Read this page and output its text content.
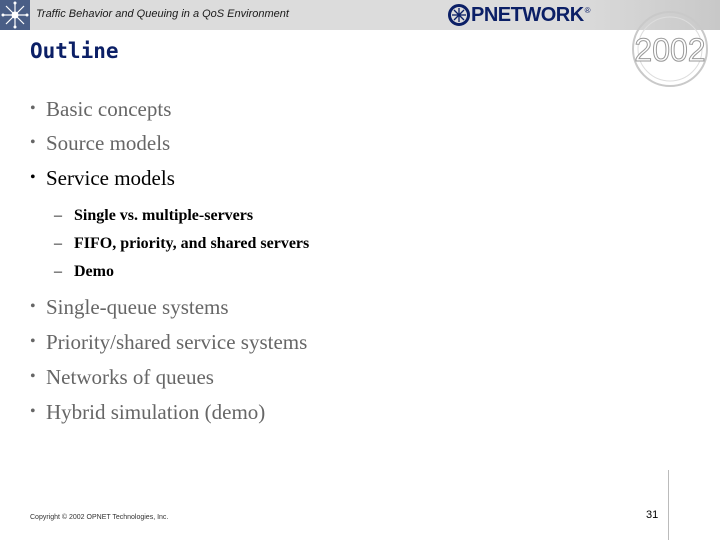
Traffic Behavior and Queuing in a QoS Environment	PNETWORK ®
2002
Outline
• Basic concepts
• Source models
• Service models
– Single vs. multiple-servers
– FIFO, priority, and shared servers
– Demo
• Single-queue systems
• Priority/shared service systems
• Networks of queues
• Hybrid simulation (demo)
Copyright © 2002 OPNET Technologies, Inc.	31
